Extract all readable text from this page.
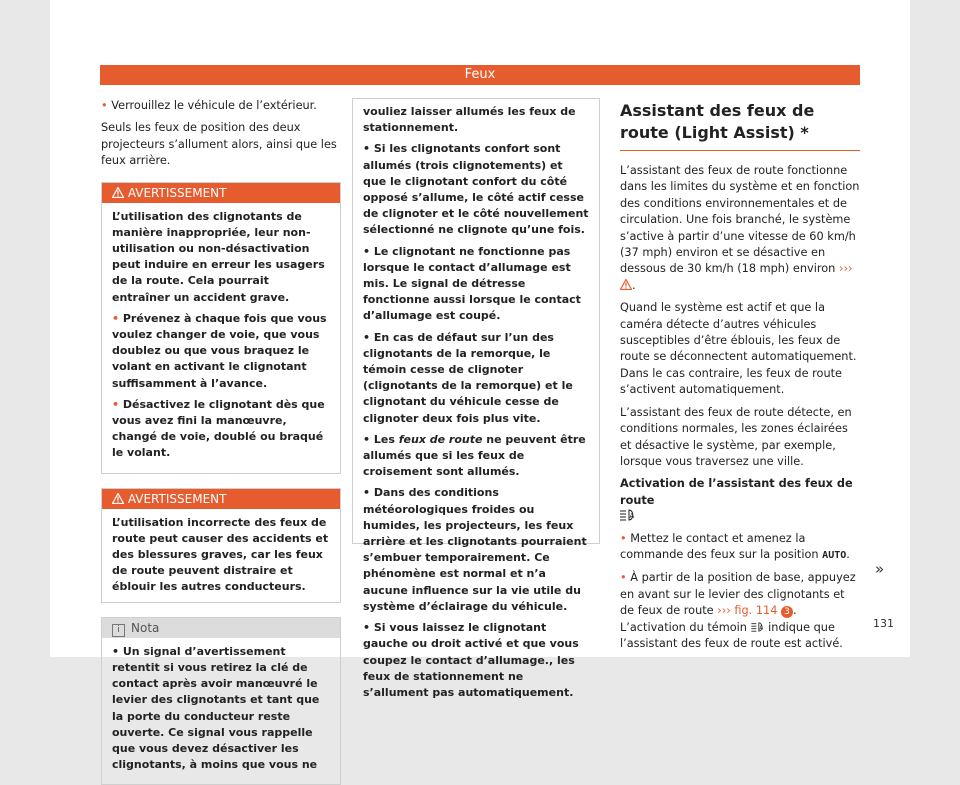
Feux

• Verrouillez le véhicule de l’extérieur.

Seuls les feux de position des deux projecteurs s’allument alors, ainsi que les feux arrière.

AVERTISSEMENT

L’utilisation des clignotants de manière inappropriée, leur non-utilisation ou non-désactivation peut induire en erreur les usagers de la route. Cela pourrait entraîner un accident grave.

• Prévenez à chaque fois que vous voulez changer de voie, que vous doublez ou que vous braquez le volant en activant le clignotant suffisamment à l’avance.

• Désactivez le clignotant dès que vous avez fini la manœuvre, changé de voie, doublé ou braqué le volant.

AVERTISSEMENT
L’utilisation incorrecte des feux de route peut causer des accidents et des blessures graves, car les feux de route peuvent distraire et éblouir les autres conducteurs.
i Nota

• Un signal d’avertissement retentit si vous retirez la clé de contact après avoir manœuvré le levier des clignotants et tant que la porte du conducteur reste ouverte. Ce signal vous rappelle que vous devez désactiver les clignotants, à moins que vous ne

vouliez laisser allumés les feux de stationnement.

• Si les clignotants confort sont allumés (trois clignotements) et que le clignotant confort du côté opposé s’allume, le côté actif cesse de clignoter et le côté nouvellement sélectionné ne clignote qu’une fois.

• Le clignotant ne fonctionne pas lorsque le contact d’allumage est mis. Le signal de détresse fonctionne aussi lorsque le contact d’allumage est coupé.

• En cas de défaut sur l’un des clignotants de la remorque, le témoin cesse de clignoter (clignotants de la remorque) et le clignotant du véhicule cesse de clignoter deux fois plus vite.

• Les feux de route ne peuvent être allumés que si les feux de croisement sont allumés.

• Dans des conditions météorologiques froides ou humides, les projecteurs, les feux arrière et les clignotants pourraient s’embuer temporairement. Ce phénomène est normal et n’a aucune influence sur la vie utile du système d’éclairage du véhicule.

• Si vous laissez le clignotant gauche ou droit activé et que vous coupez le contact d’allumage., les feux de stationnement ne s’allument pas automatiquement.

Assistant des feux de route (Light Assist) *

L’assistant des feux de route fonctionne dans les limites du système et en fonction des conditions environnementales et de circulation. Une fois branché, le système s’active à partir d’une vitesse de 60 km/h (37 mph) environ et se désactive en dessous de 30 km/h (18 mph) environ ››› .

Quand le système est actif et que la caméra détecte d’autres véhicules susceptibles d’être éblouis, les feux de route se déconnectent automatiquement. Dans le cas contraire, les feux de route s’activent automatiquement.

L’assistant des feux de route détecte, en conditions normales, les zones éclairées et désactive le système, par exemple, lorsque vous traversez une ville.

Activation de l’assistant des feux de route

A

• Mettez le contact et amenez la commande des feux sur la position AUTO.

• À partir de la position de base, appuyez en avant sur le levier des clignotants et de feux de route ››› fig. 114 3 . L’activation du témoin A indique que l’assistant des feux de route est activé.

»
131
